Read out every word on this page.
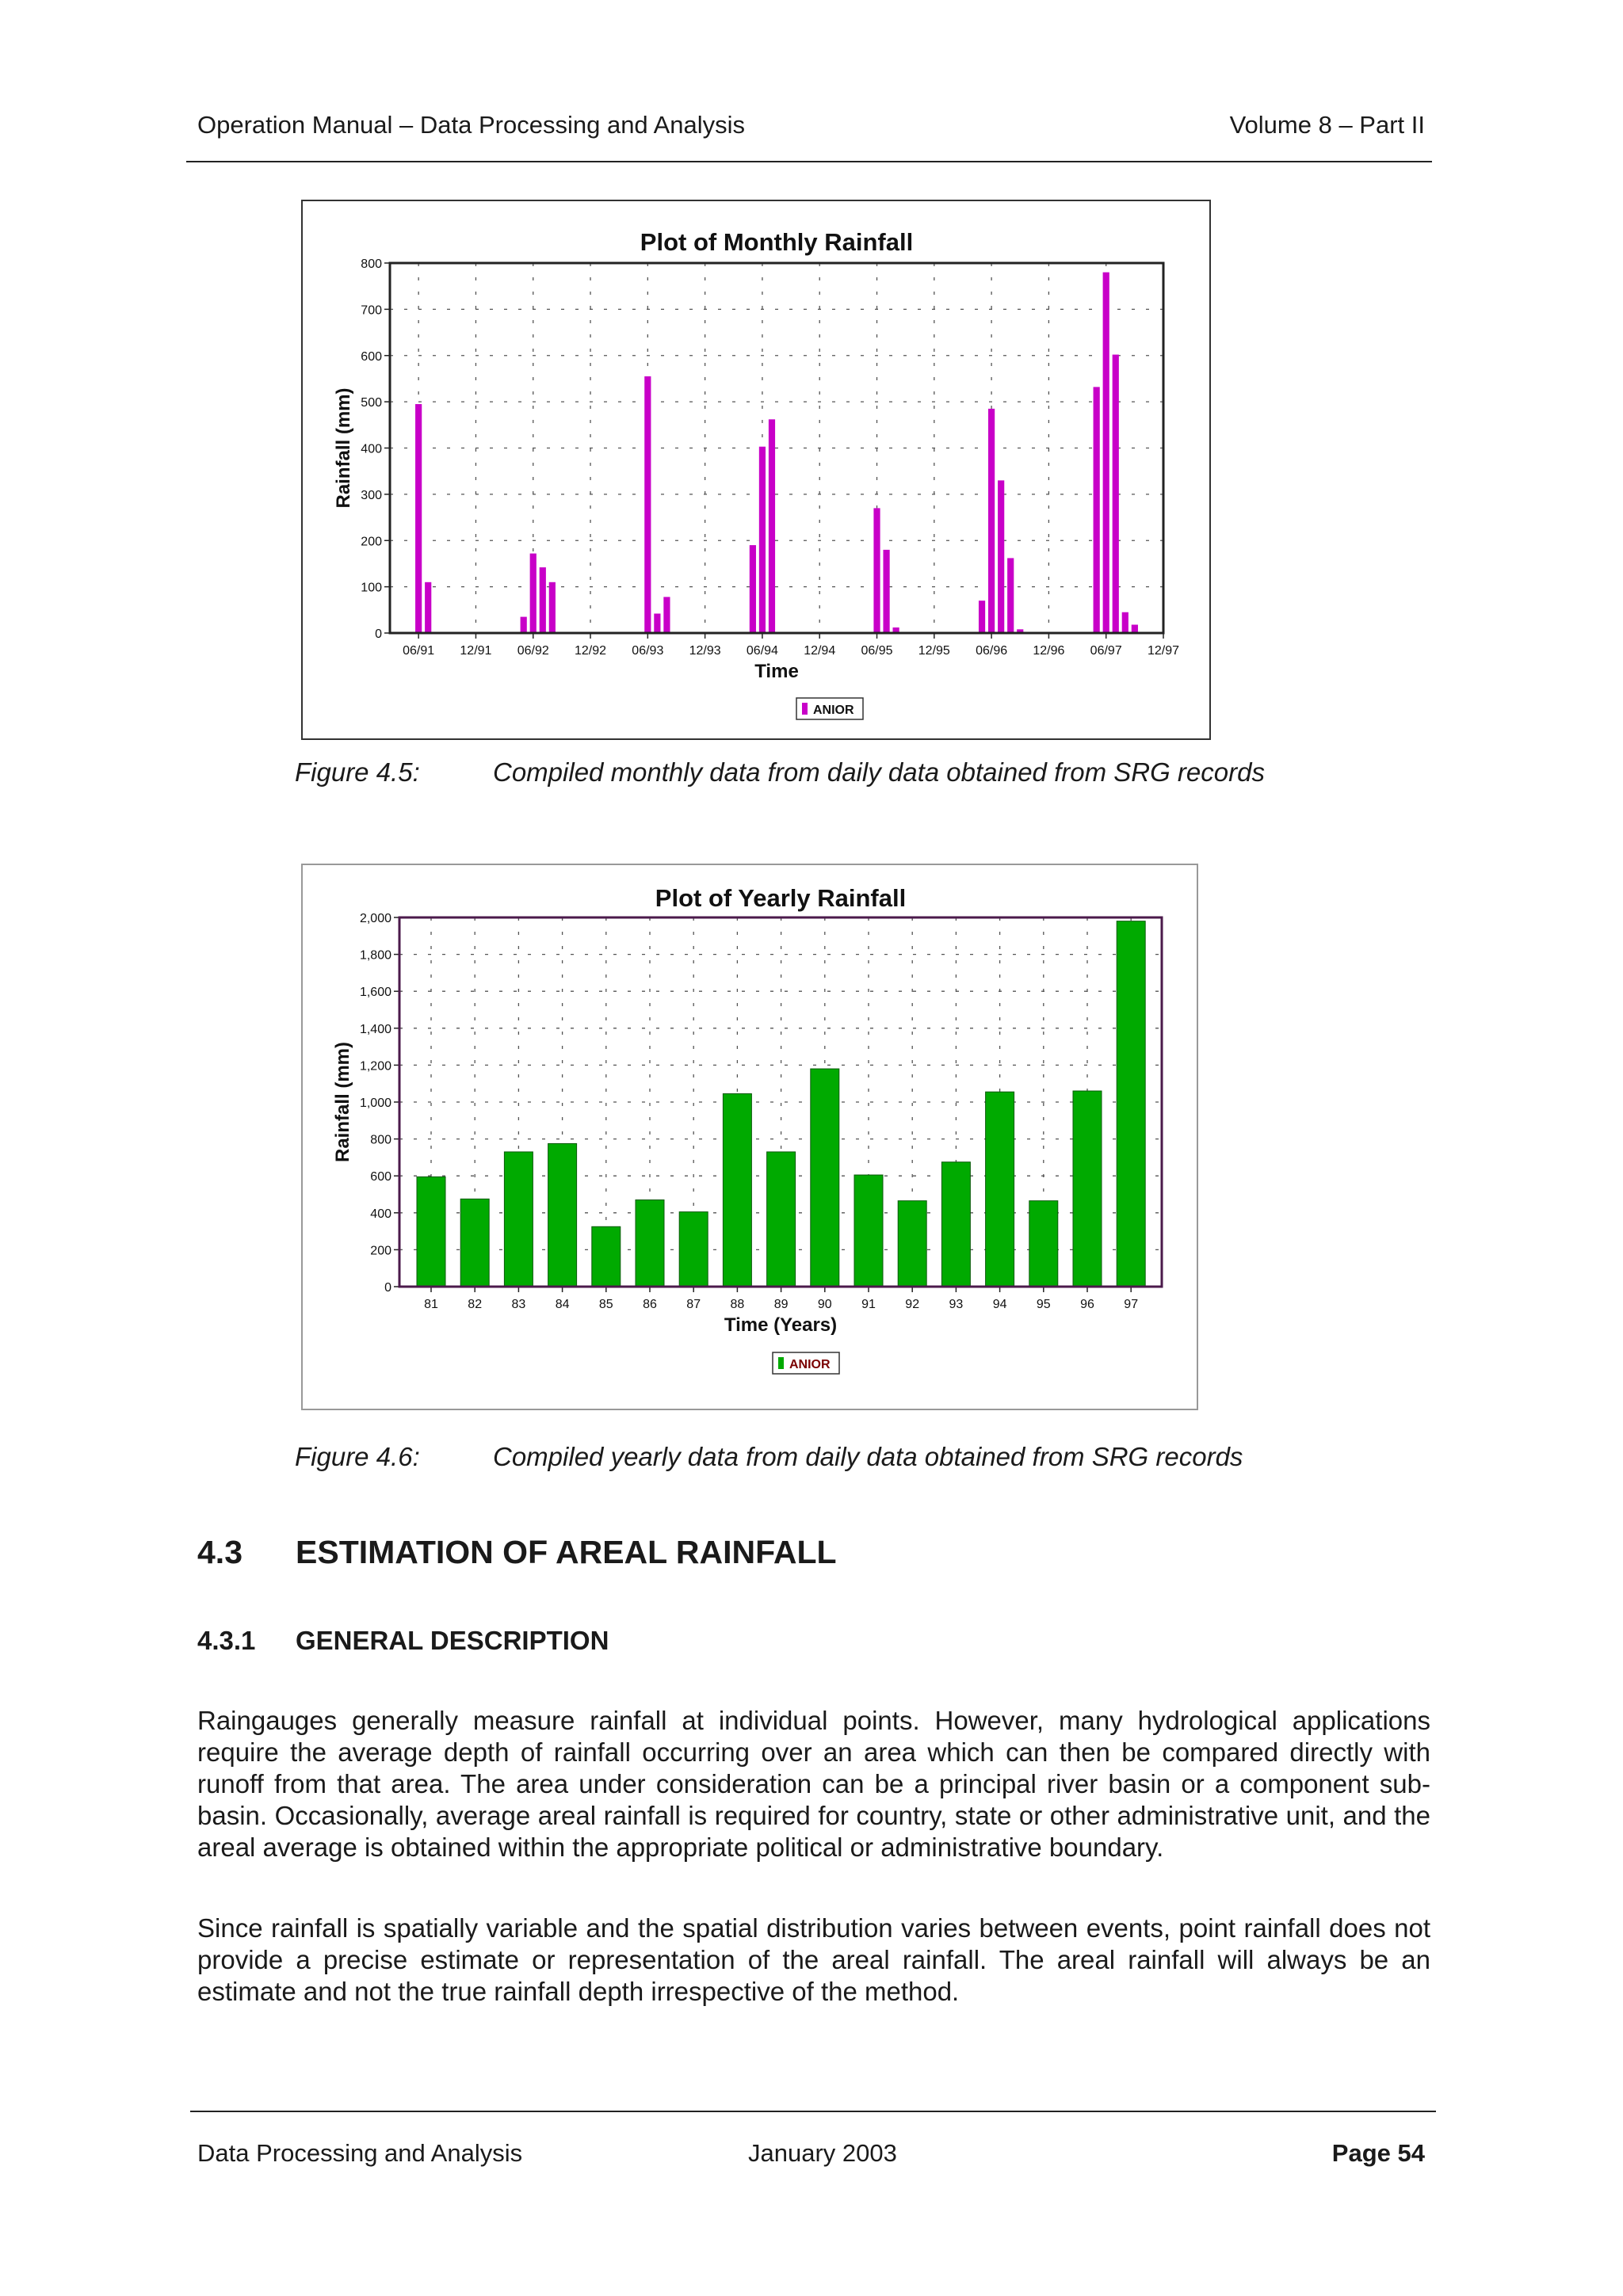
Operation Manual – Data Processing and Analysis	Volume 8 – Part II
Plot of Monthly Rainfall
0
100
200
300
400
500
600
700
800
06/91 12/91 06/92 12/92 06/93 12/93 06/94 12/94 06/95 12/95 06/96 12/96 06/97 12/97
Time
Rainfall (mm)
ANIOR
Figure 4.5:	Compiled monthly data from daily data obtained from SRG records
Plot of Yearly Rainfall
0
200
400
600
800
1,000
1,200
1,400
1,600
1,800
2,000
81 82 83 84 85 86 87 88 89 90 91 92 93 94 95 96 97
Time (Years)
Rainfall (mm)
ANIOR
Figure 4.6:	Compiled yearly data from daily data obtained from SRG records
4.3 ESTIMATION OF AREAL RAINFALL
4.3.1 GENERAL DESCRIPTION
Raingauges generally measure rainfall at individual points. However, many hydrological applications require the average depth of rainfall occurring over an area which can then be compared directly with runoff from that area. The area under consideration can be a principal river basin or a component sub-basin. Occasionally, average areal rainfall is required for country, state or other administrative unit, and the areal average is obtained within the appropriate political or administrative boundary.
Since rainfall is spatially variable and the spatial distribution varies between events, point rainfall does not provide a precise estimate or representation of the areal rainfall. The areal rainfall will always be an estimate and not the true rainfall depth irrespective of the method.
Data Processing and Analysis	January 2003	Page 54
